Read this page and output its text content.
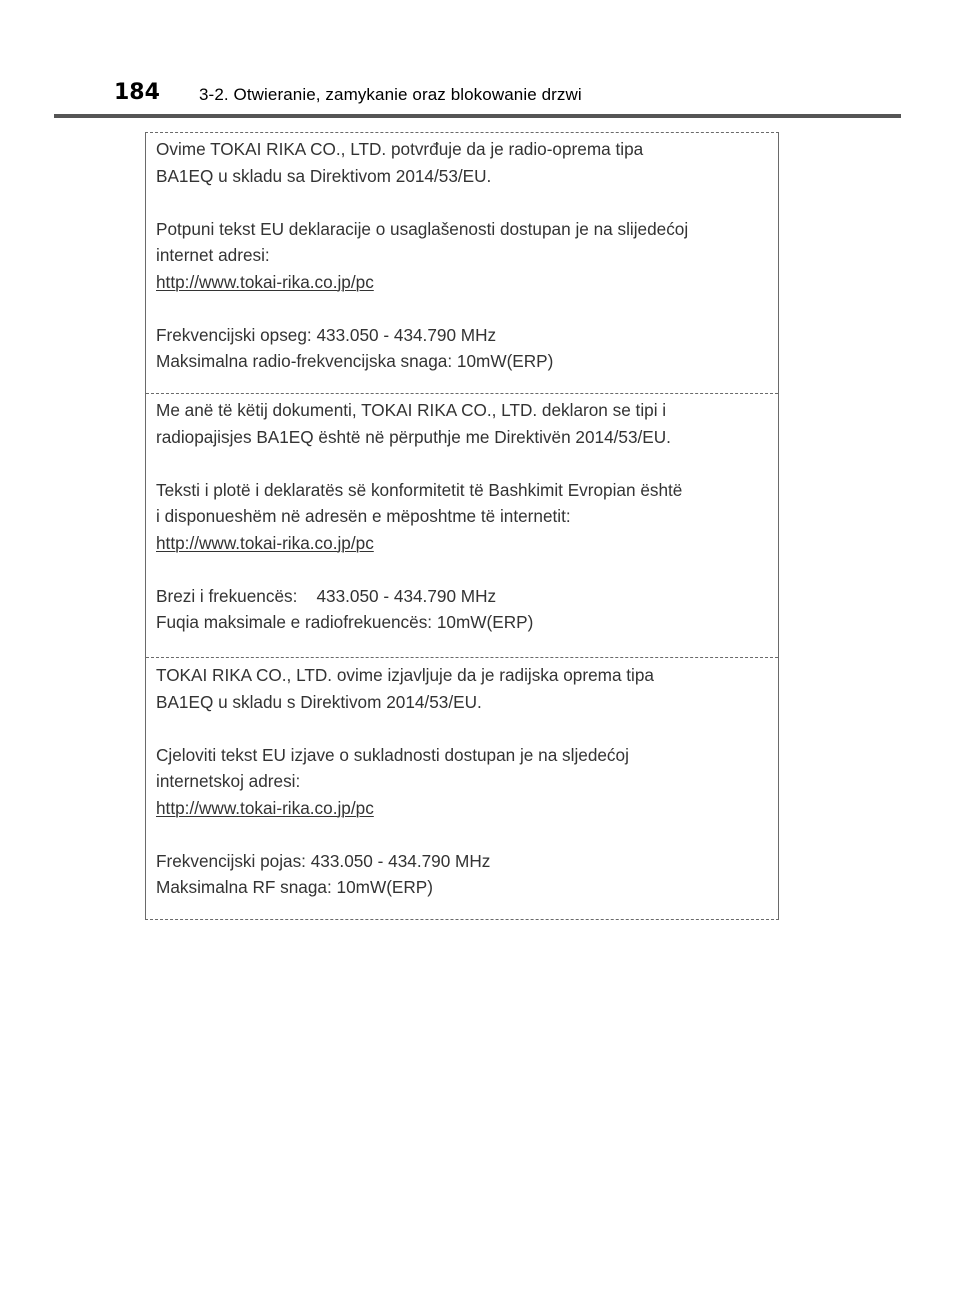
184 3-2. Otwieranie, zamykanie oraz blokowanie drzwi

Ovime TOKAI RIKA CO., LTD. potvrđuje da je radio-oprema tipa

BA1EQ u skladu sa Direktivom 2014/53/EU.

Potpuni tekst EU deklaracije o usaglašenosti dostupan je na slijedećoj

internet adresi:

http://www.tokai-rika.co.jp/pc

Frekvencijski opseg: 433.050 - 434.790 MHz

Maksimalna radio-frekvencijska snaga: 10mW(ERP)

Me anë të këtij dokumenti, TOKAI RIKA CO., LTD. deklaron se tipi i

radiopajisjes BA1EQ është në përputhje me Direktivën 2014/53/EU.

Teksti i plotë i deklaratës së konformitetit të Bashkimit Evropian është

i disponueshëm në adresën e mëposhtme të internetit:

http://www.tokai-rika.co.jp/pc

Brezi i frekuencës:    433.050 - 434.790 MHz

Fuqia maksimale e radiofrekuencës: 10mW(ERP)

TOKAI RIKA CO., LTD. ovime izjavljuje da je radijska oprema tipa

BA1EQ u skladu s Direktivom 2014/53/EU.

Cjeloviti tekst EU izjave o sukladnosti dostupan je na sljedećoj

internetskoj adresi:

http://www.tokai-rika.co.jp/pc

Frekvencijski pojas: 433.050 - 434.790 MHz

Maksimalna RF snaga: 10mW(ERP)
